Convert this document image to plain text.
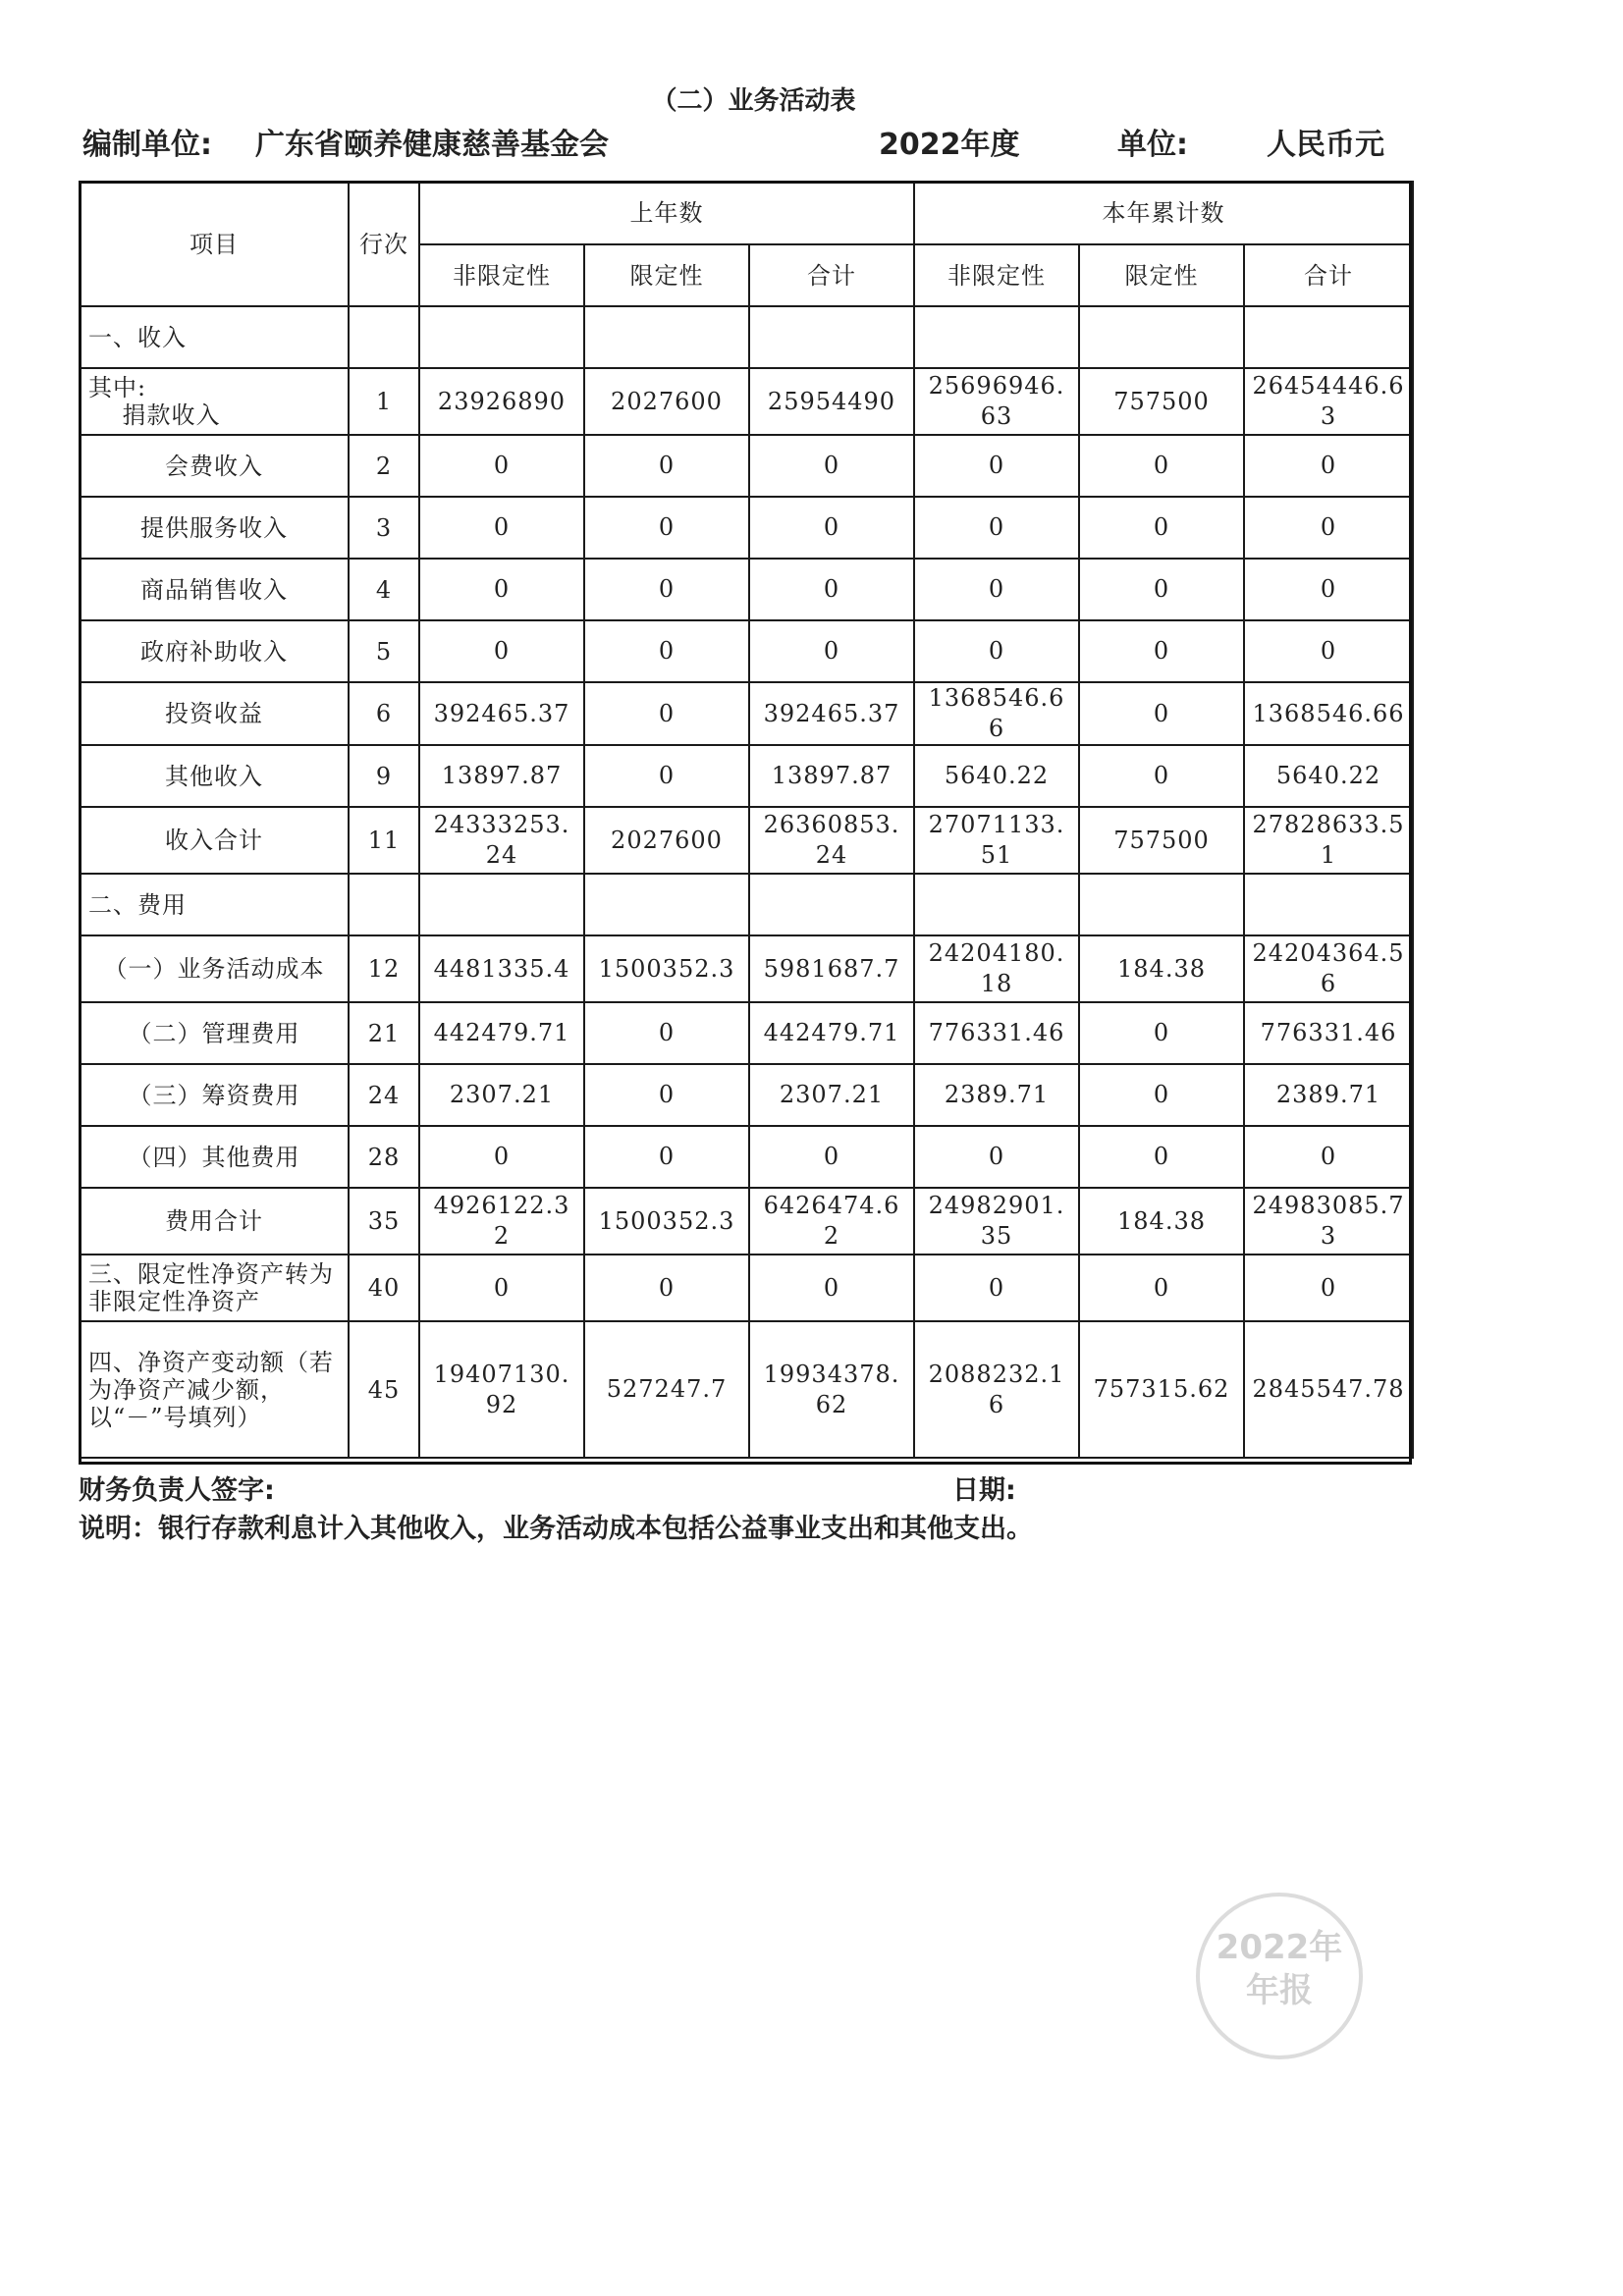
（二）业务活动表
编制单位: 广东省颐养健康慈善基金会	2022年度	单位:	人民币元
项目	行次	上年数			本年累计数		
		非限定性	限定性	合计	非限定性	限定性	合计
一、收入							
其中:
捐款收入	1	23926890	2027600	25954490	25696946.63	757500	26454446.63
会费收入	2	0	0	0	0	0	0
提供服务收入	3	0	0	0	0	0	0
商品销售收入	4	0	0	0	0	0	0
政府补助收入	5	0	0	0	0	0	0
投资收益	6	392465.37	0	392465.37	1368546.66	0	1368546.66
其他收入	9	13897.87	0	13897.87	5640.22	0	5640.22
收入合计	11	24333253.24	2027600	26360853.24	27071133.51	757500	27828633.51
二、费用							
（一）业务活动成本	12	4481335.4	1500352.3	5981687.7	24204180.18	184.38	24204364.56
（二）管理费用	21	442479.71	0	442479.71	776331.46	0	776331.46
（三）筹资费用	24	2307.21	0	2307.21	2389.71	0	2389.71
（四）其他费用	28	0	0	0	0	0	0
费用合计	35	4926122.32	1500352.3	6426474.62	24982901.35	184.38	24983085.73
三、限定性净资产转为非限定性净资产	40	0	0	0	0	0	0
四、净资产变动额（若为净资产减少额，以“－”号填列）	45	19407130.92	527247.7	19934378.62	2088232.16	757315.62	2845547.78
财务负责人签字:	日期:
说明：银行存款利息计入其他收入，业务活动成本包括公益事业支出和其他支出。
2022年
年报
